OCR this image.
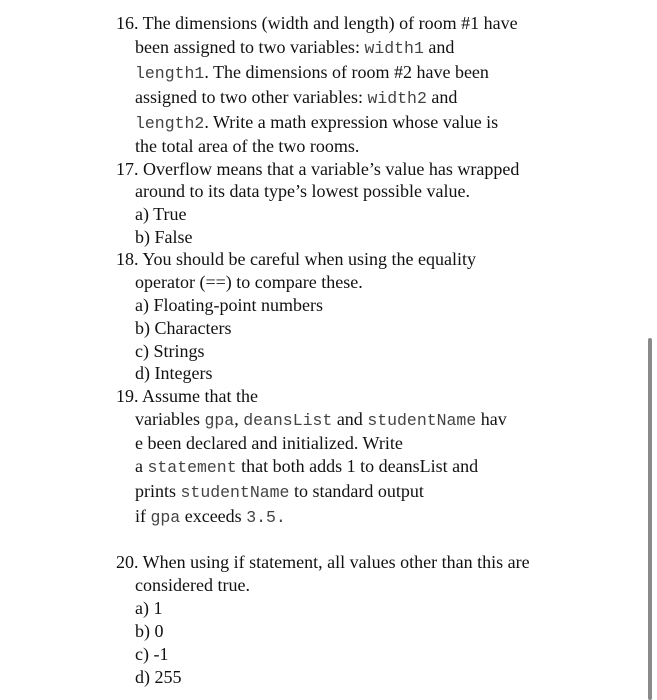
16. The dimensions (width and length) of room #1 have
been assigned to two variables: width1 and
length1. The dimensions of room #2 have been
assigned to two other variables: width2 and
length2. Write a math expression whose value is
the total area of the two rooms.
17. Overflow means that a variable’s value has wrapped
around to its data type’s lowest possible value.
a) True
b) False
18. You should be careful when using the equality
operator (==) to compare these.
a) Floating-point numbers
b) Characters
c) Strings
d) Integers
19. Assume that the
variables gpa, deansList and studentName hav
e been declared and initialized. Write
a statement that both adds 1 to deansList and
prints studentName to standard output
if gpa exceeds 3.5.
20. When using if statement, all values other than this are
considered true.
a) 1
b) 0
c) -1
d) 255
